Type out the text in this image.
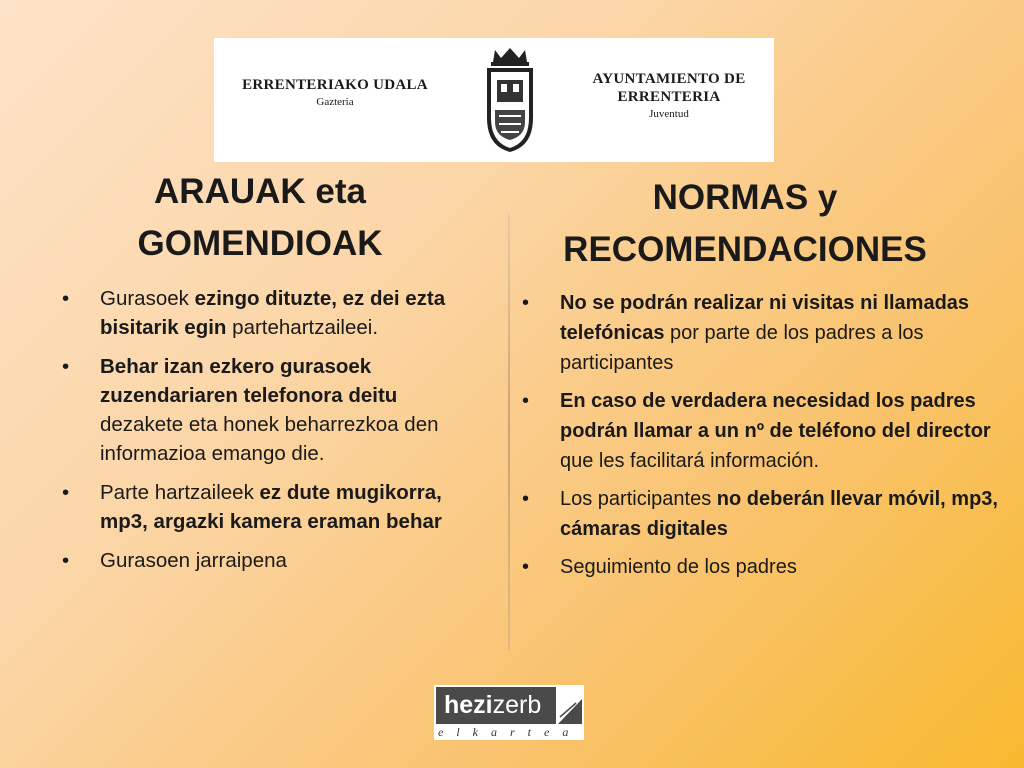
ERRENTERIAKO UDALA
Gazteria
AYUNTAMIENTO DE
ERRENTERIA
Juventud
ARAUAK eta
GOMENDIOAK
NORMAS y
RECOMENDACIONES
• Gurasoek ezingo dituzte, ez dei ezta bisitarik egin partehartzaileei.
• Behar izan ezkero gurasoek zuzendariaren telefonora deitu dezakete eta honek beharrezkoa den informazioa emango die.
• Parte hartzaileek ez dute mugikorra, mp3, argazki kamera eraman behar
• Gurasoen jarraipena
• No se podrán realizar ni visitas ni llamadas telefónicas por parte de los padres a los participantes
• En caso de verdadera necesidad los padres podrán llamar a un nº de teléfono del director que les facilitará información.
• Los participantes no deberán llevar móvil, mp3, cámaras digitales
• Seguimiento de los padres
hezizerb
elkartea
